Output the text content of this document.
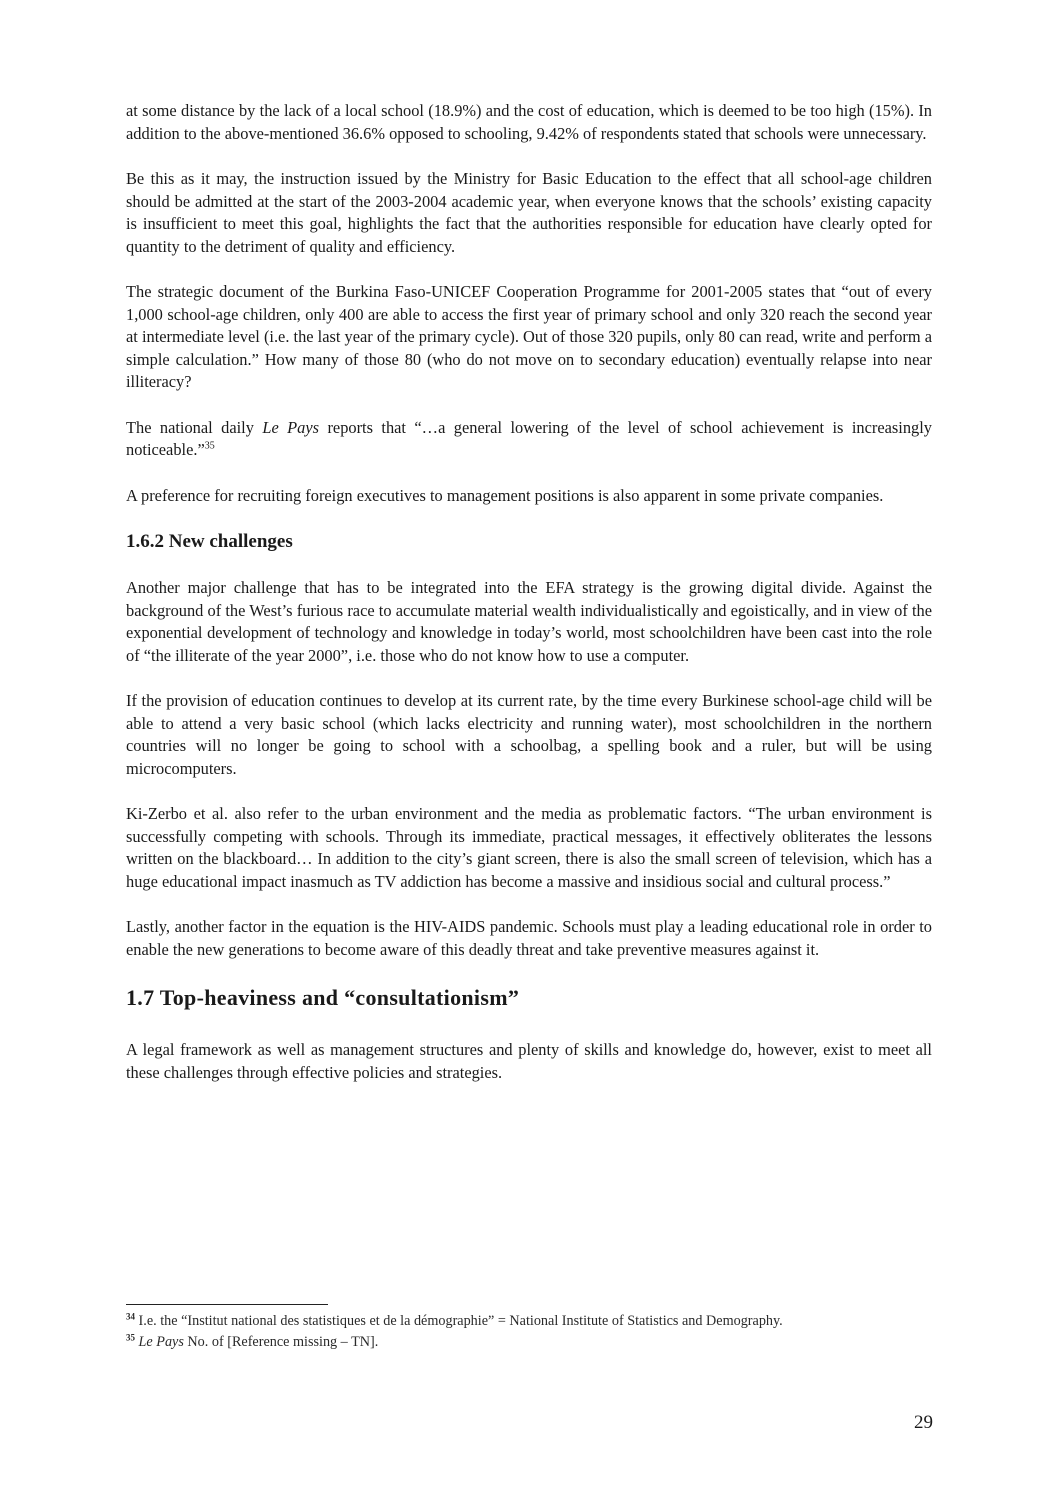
at some distance by the lack of a local school (18.9%) and the cost of education, which is deemed to be too high (15%). In addition to the above-mentioned 36.6% opposed to schooling, 9.42% of respondents stated that schools were unnecessary.

Be this as it may, the instruction issued by the Ministry for Basic Education to the effect that all school-age children should be admitted at the start of the 2003-2004 academic year, when everyone knows that the schools’ existing capacity is insufficient to meet this goal, highlights the fact that the authorities responsible for education have clearly opted for quantity to the detriment of quality and efficiency.

The strategic document of the Burkina Faso-UNICEF Cooperation Programme for 2001-2005 states that “out of every 1,000 school-age children, only 400 are able to access the first year of primary school and only 320 reach the second year at intermediate level (i.e. the last year of the primary cycle). Out of those 320 pupils, only 80 can read, write and perform a simple calculation.” How many of those 80 (who do not move on to secondary education) eventually relapse into near illiteracy?

The national daily Le Pays reports that “…a general lowering of the level of school achievement is increasingly noticeable.”$^{35}$

A preference for recruiting foreign executives to management positions is also apparent in some private companies.

1.6.2 New challenges

Another major challenge that has to be integrated into the EFA strategy is the growing digital divide. Against the background of the West’s furious race to accumulate material wealth individualistically and egoistically, and in view of the exponential development of technology and knowledge in today’s world, most schoolchildren have been cast into the role of “the illiterate of the year 2000”, i.e. those who do not know how to use a computer.

If the provision of education continues to develop at its current rate, by the time every Burkinese school-age child will be able to attend a very basic school (which lacks electricity and running water), most schoolchildren in the northern countries will no longer be going to school with a schoolbag, a spelling book and a ruler, but will be using microcomputers.

Ki-Zerbo et al. also refer to the urban environment and the media as problematic factors. “The urban environment is successfully competing with schools. Through its immediate, practical messages, it effectively obliterates the lessons written on the blackboard… In addition to the city’s giant screen, there is also the small screen of television, which has a huge educational impact inasmuch as TV addiction has become a massive and insidious social and cultural process.”

Lastly, another factor in the equation is the HIV-AIDS pandemic. Schools must play a leading educational role in order to enable the new generations to become aware of this deadly threat and take preventive measures against it.

1.7 Top-heaviness and “consultationism”

A legal framework as well as management structures and plenty of skills and knowledge do, however, exist to meet all these challenges through effective policies and strategies.

$^{34}$ I.e. the “Institut national des statistiques et de la démographie” = National Institute of Statistics and Demography.

$^{35}$ Le Pays No. of [Reference missing – TN].

29
